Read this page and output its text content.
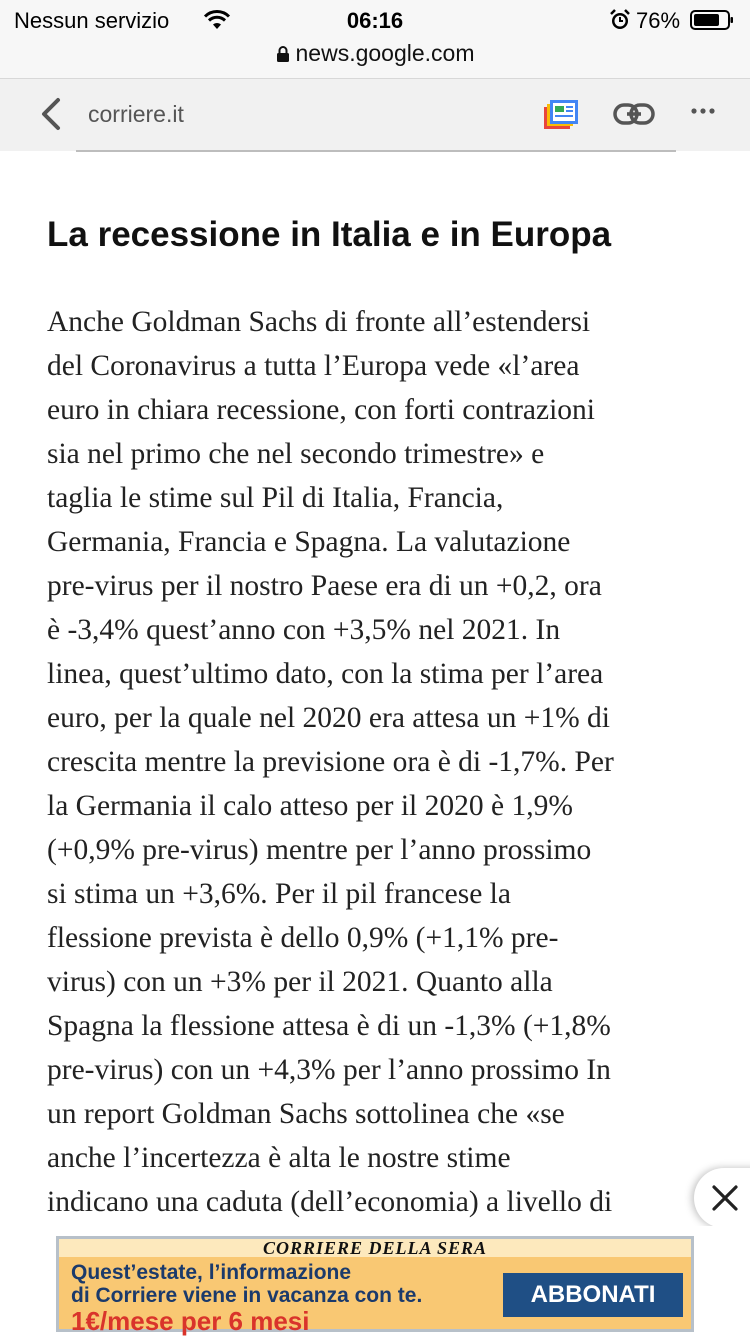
Nessun servizio	06:16	76%
news.google.com
corriere.it
La recessione in Italia e in Europa
Anche Goldman Sachs di fronte all’estendersi
del Coronavirus a tutta l’Europa vede «l’area
euro in chiara recessione, con forti contrazioni
sia nel primo che nel secondo trimestre» e
taglia le stime sul Pil di Italia, Francia,
Germania, Francia e Spagna. La valutazione
pre-virus per il nostro Paese era di un +0,2, ora
è -3,4% quest’anno con +3,5% nel 2021. In
linea, quest’ultimo dato, con la stima per l’area
euro, per la quale nel 2020 era attesa un +1% di
crescita mentre la previsione ora è di -1,7%. Per
la Germania il calo atteso per il 2020 è 1,9%
(+0,9% pre-virus) mentre per l’anno prossimo
si stima un +3,6%. Per il pil francese la
flessione prevista è dello 0,9% (+1,1% pre-
virus) con un +3% per il 2021. Quanto alla
Spagna la flessione attesa è di un -1,3% (+1,8%
pre-virus) con un +4,3% per l’anno prossimo In
un report Goldman Sachs sottolinea che «se
anche l’incertezza è alta le nostre stime
indicano una caduta (dell’economia) a livello di
CORRIERE DELLA SERA
Quest’estate, l’informazione
di Corriere viene in vacanza con te.
1€/mese per 6 mesi
ABBONATI
